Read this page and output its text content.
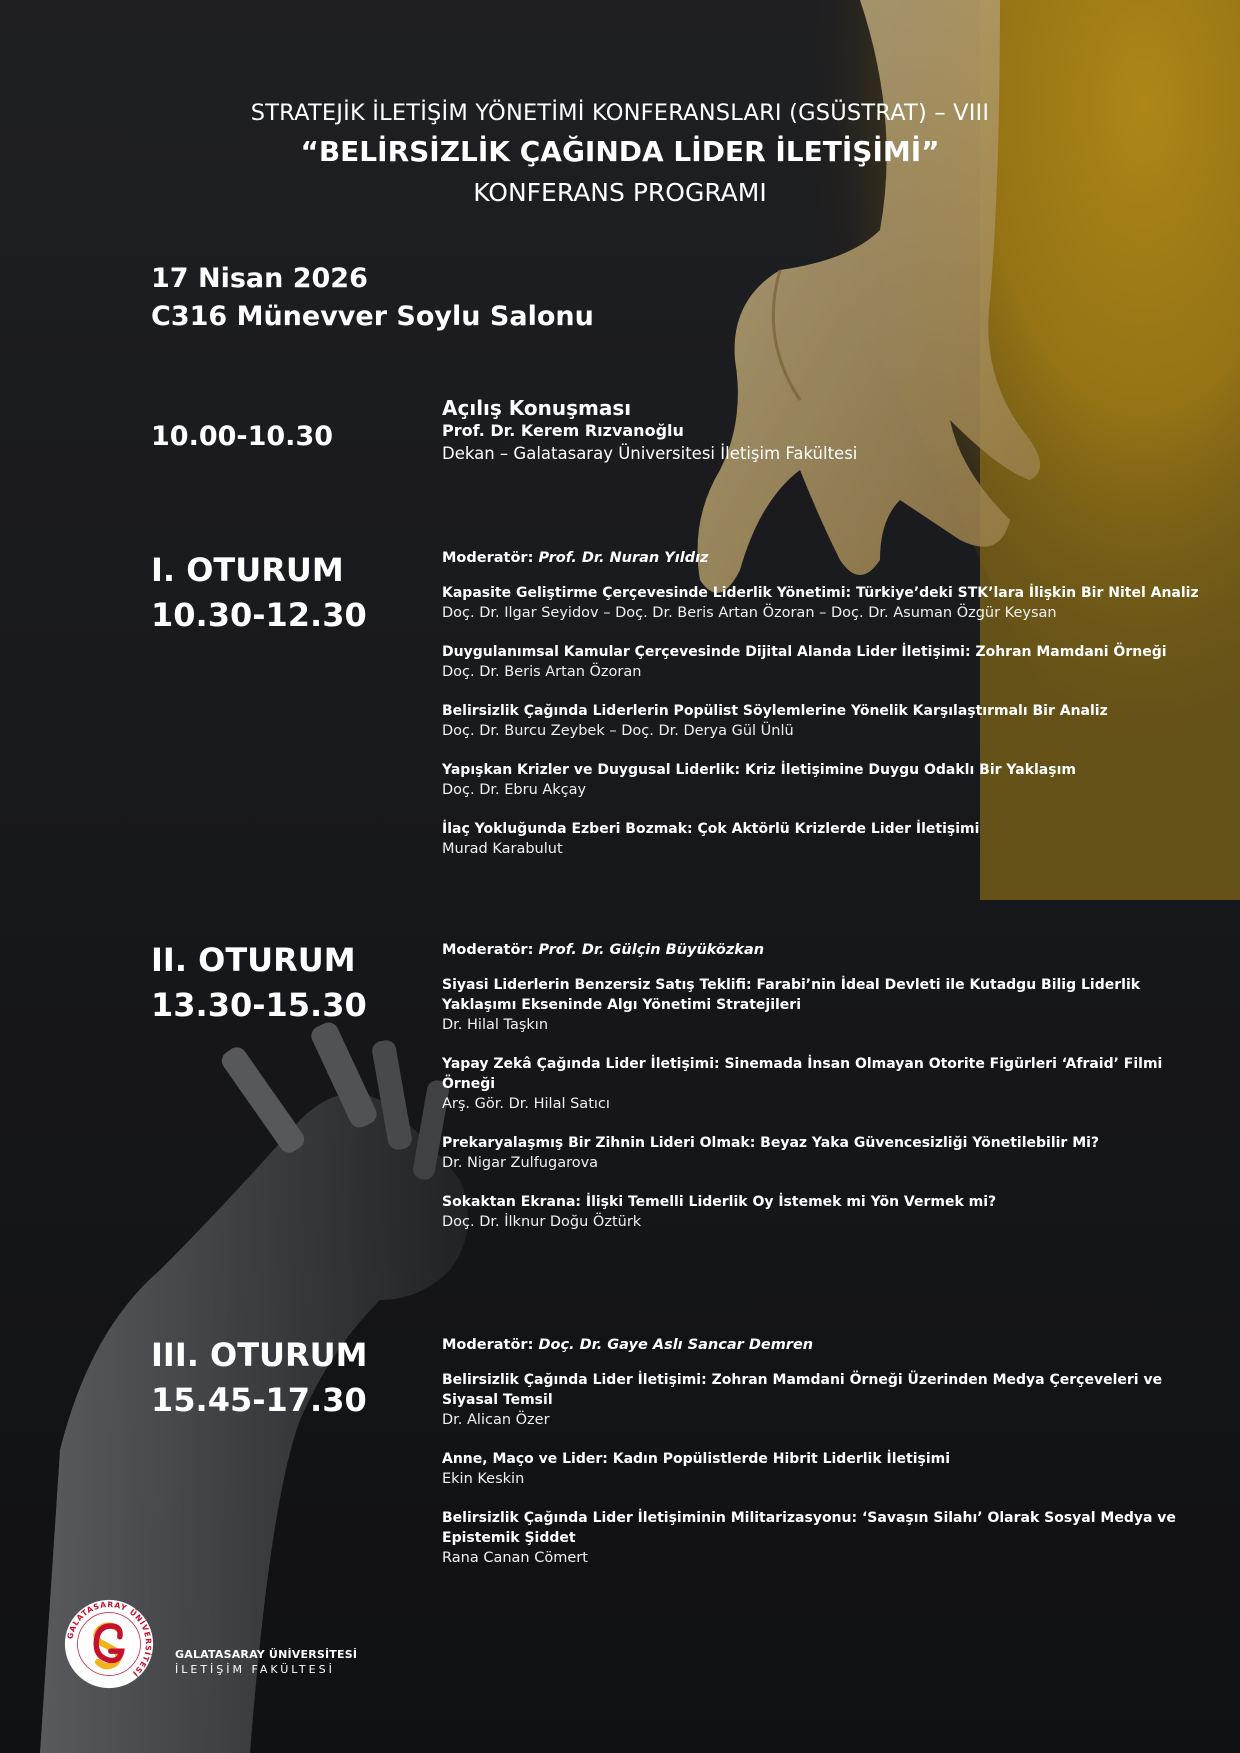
STRATEJİK İLETİŞİM YÖNETİMİ KONFERANSLARI (GSÜSTRAT) – VIII
“BELİRSİZLİK ÇAĞINDA LİDER İLETİŞİMİ”
KONFERANS PROGRAMI
17 Nisan 2026
C316 Münevver Soylu Salonu
10.00-10.30
Açılış Konuşması
Prof. Dr. Kerem Rızvanoğlu
Dekan – Galatasaray Üniversitesi İletişim Fakültesi
I. OTURUM
10.30-12.30
Moderatör: Prof. Dr. Nuran Yıldız
Kapasite Geliştirme Çerçevesinde Liderlik Yönetimi: Türkiye’deki STK’lara İlişkin Bir Nitel Analiz
Doç. Dr. Ilgar Seyidov – Doç. Dr. Beris Artan Özoran – Doç. Dr. Asuman Özgür Keysan
Duygulanımsal Kamular Çerçevesinde Dijital Alanda Lider İletişimi: Zohran Mamdani Örneği
Doç. Dr. Beris Artan Özoran
Belirsizlik Çağında Liderlerin Popülist Söylemlerine Yönelik Karşılaştırmalı Bir Analiz
Doç. Dr. Burcu Zeybek – Doç. Dr. Derya Gül Ünlü
Yapışkan Krizler ve Duygusal Liderlik: Kriz İletişimine Duygu Odaklı Bir Yaklaşım
Doç. Dr. Ebru Akçay
İlaç Yokluğunda Ezberi Bozmak: Çok Aktörlü Krizlerde Lider İletişimi
Murad Karabulut
II. OTURUM
13.30-15.30
Moderatör: Prof. Dr. Gülçin Büyüközkan
Siyasi Liderlerin Benzersiz Satış Teklifi: Farabi’nin İdeal Devleti ile Kutadgu Bilig Liderlik Yaklaşımı Ekseninde Algı Yönetimi Stratejileri
Dr. Hilal Taşkın
Yapay Zekâ Çağında Lider İletişimi: Sinemada İnsan Olmayan Otorite Figürleri ‘Afraid’ Filmi Örneği
Arş. Gör. Dr. Hilal Satıcı
Prekaryalaşmış Bir Zihnin Lideri Olmak: Beyaz Yaka Güvencesizliği Yönetilebilir Mi?
Dr. Nigar Zulfugarova
Sokaktan Ekrana: İlişki Temelli Liderlik Oy İstemek mi Yön Vermek mi?
Doç. Dr. İlknur Doğu Öztürk
III. OTURUM
15.45-17.30
Moderatör: Doç. Dr. Gaye Aslı Sancar Demren
Belirsizlik Çağında Lider İletişimi: Zohran Mamdani Örneği Üzerinden Medya Çerçeveleri ve Siyasal Temsil
Dr. Alican Özer
Anne, Maço ve Lider: Kadın Popülistlerde Hibrit Liderlik İletişimi
Ekin Keskin
Belirsizlik Çağında Lider İletişiminin Militarizasyonu: ‘Savaşın Silahı’ Olarak Sosyal Medya ve Epistemik Şiddet
Rana Canan Cömert
GALATASARAY ÜNİVERSİTESİ
GALATASARAY ÜNİVERSİTESİ
İLETİŞİM FAKÜLTESİ
